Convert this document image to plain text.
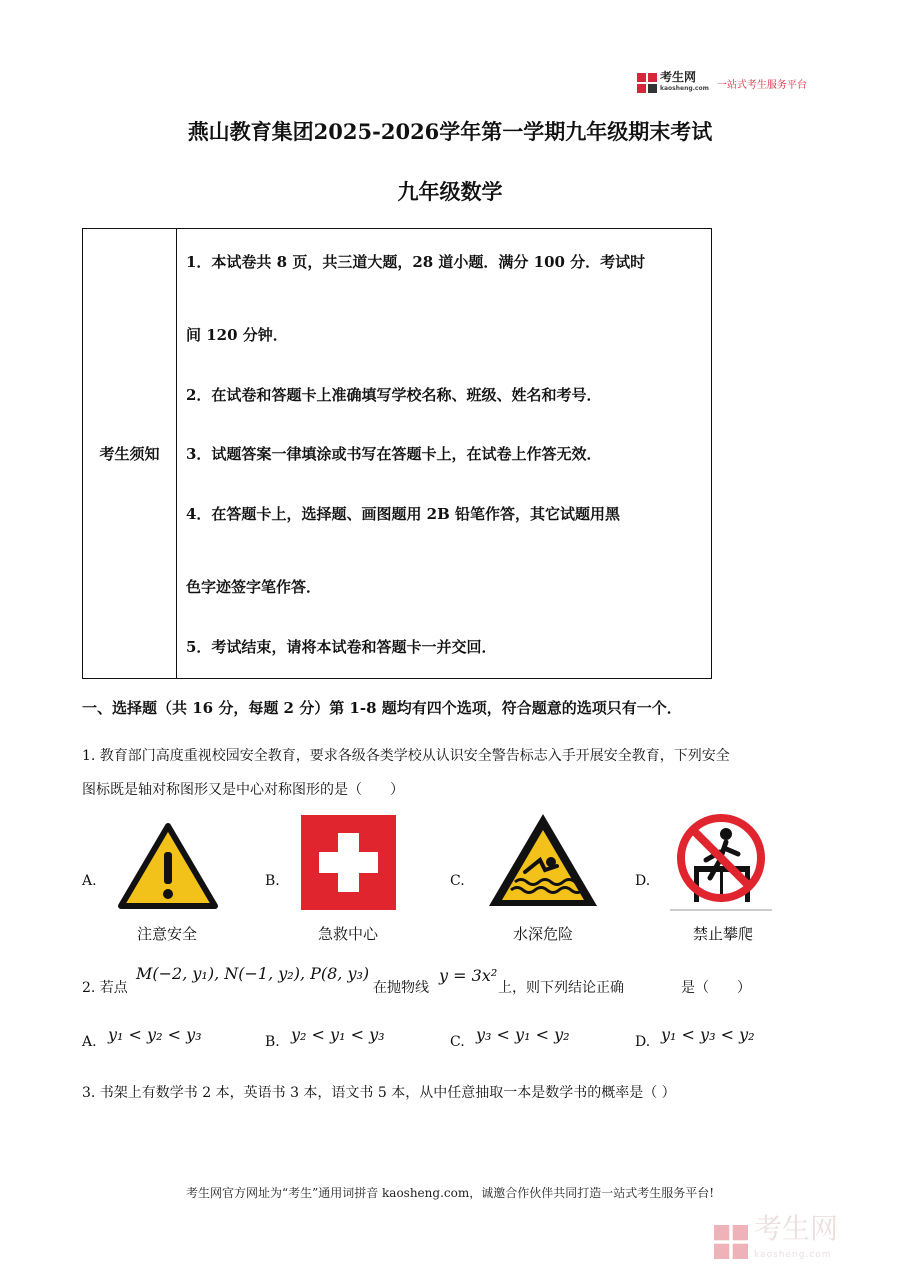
考生网
kaosheng.com 一站式考生服务平台
燕山教育集团2025-2026学年第一学期九年级期末考试
九年级数学
考生须知
1．本试卷共 8 页，共三道大题，28 道小题．满分 100 分．考试时
间 120 分钟．
2．在试卷和答题卡上准确填写学校名称、班级、姓名和考号．
3．试题答案一律填涂或书写在答题卡上，在试卷上作答无效．
4．在答题卡上，选择题、画图题用 2B 铅笔作答，其它试题用黑
色字迹签字笔作答．
5．考试结束，请将本试卷和答题卡一并交回．
一、选择题（共 16 分，每题 2 分）第 1-8 题均有四个选项，符合题意的选项只有一个．
1. 教育部门高度重视校园安全教育，要求各级各类学校从认识安全警告标志入手开展安全教育，下列安全
图标既是轴对称图形又是中心对称图形的是（　　）
A.
注意安全
B.
急救中心
C.
水深危险
D.
禁止攀爬
2. 若点
M(−2, y₁), N(−1, y₂), P(8, y₃)
在抛物线
y = 3x²
上，则下列结论正确	是（　　）
A. y₁ < y₂ < y₃	B. y₂ < y₁ < y₃	C. y₃ < y₁ < y₂	D. y₁ < y₃ < y₂
3. 书架上有数学书 2 本，英语书 3 本，语文书 5 本，从中任意抽取一本是数学书的概率是（ ）
考生网官方网址为“考生”通用词拼音 kaosheng.com，诚邀合作伙伴共同打造一站式考生服务平台!
考生网
kaosheng.com
